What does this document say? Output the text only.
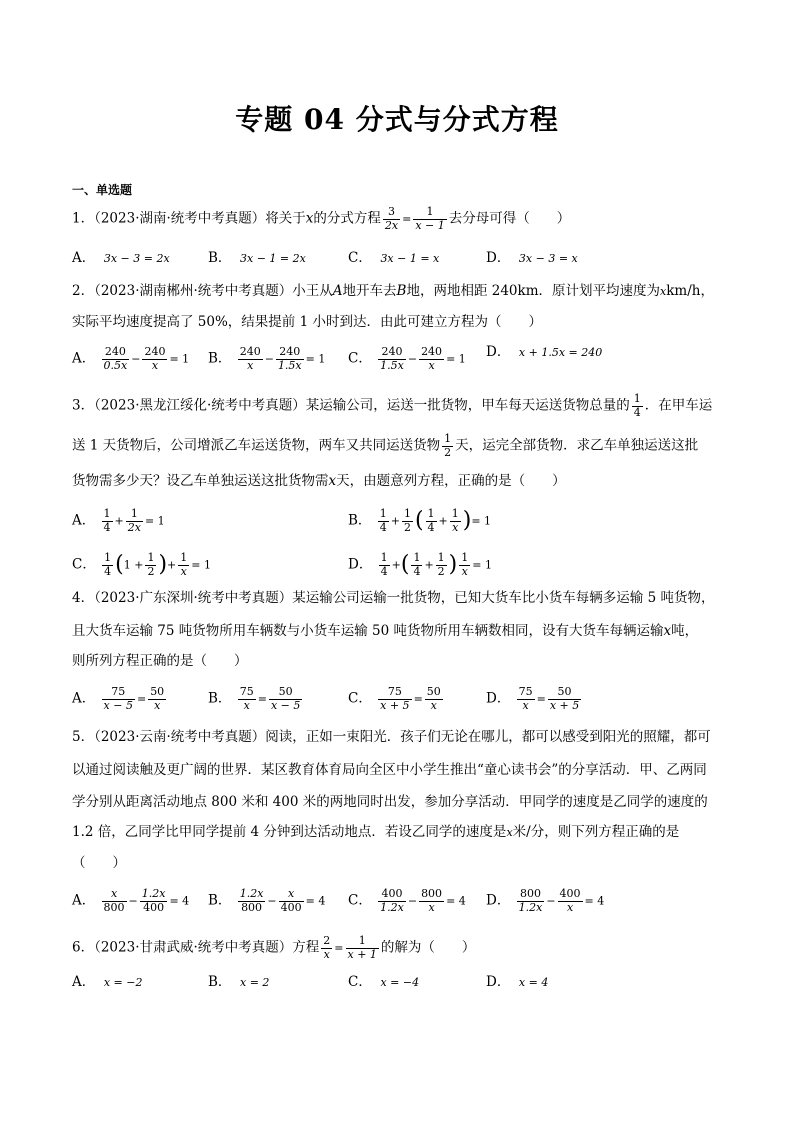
专题 04 分式与分式方程
一、单选题
1．（2023·湖南·统考中考真题）将关于x的分式方程 $\frac{3}{2x} = \frac{1}{x - 1}$ 去分母可得（　　）
A． 3x − 3 = 2x	B． 3x − 1 = 2x	C． 3x − 1 = x	D． 3x − 3 = x
2．（2023·湖南郴州·统考中考真题）小王从A地开车去B地，两地相距 240km．原计划平均速度为xkm/h，
实际平均速度提高了 50%，结果提前 1 小时到达．由此可建立方程为（　　）
A． $\frac{240}{0.5x} - \frac{240}{x} = 1$ B． $\frac{240}{x} - \frac{240}{1.5x} = 1$ C． $\frac{240}{1.5x} - \frac{240}{x} = 1$ D． x + 1.5x = 240
3．（2023·黑龙江绥化·统考中考真题）某运输公司，运送一批货物，甲车每天运送货物总量的 $\frac{1}{4}$ ．在甲车运
送 1 天货物后，公司增派乙车运送货物，两车又共同运送货物 $\frac{1}{2}$ 天，运完全部货物．求乙车单独运送这批
货物需多少天？设乙车单独运送这批货物需x天，由题意列方程，正确的是（　　）
A． $\frac{1}{4} + \frac{1}{2x} = 1$	B． $\frac{1}{4} + \frac{1}{2}$ ( $\frac{1}{4} + \frac{1}{x}$ )= 1
C． $\frac{1}{4} (1 + \frac{1}{2}$ )+ $\frac{1}{x} = 1$	D． $\frac{1}{4}$ +( $\frac{1}{4} + \frac{1}{2}$ ) $\frac{1}{x} = 1$
4．（2023·广东深圳·统考中考真题）某运输公司运输一批货物，已知大货车比小货车每辆多运输 5 吨货物，
且大货车运输 75 吨货物所用车辆数与小货车运输 50 吨货物所用车辆数相同，设有大货车每辆运输x吨，
则所列方程正确的是（　　）
A． $\frac{75}{x - 5} = \frac{50}{x}$	B． $\frac{75}{x} = \frac{50}{x - 5}$	C． $\frac{75}{x + 5} = \frac{50}{x}$	D． $\frac{75}{x} = \frac{50}{x + 5}$
5．（2023·云南·统考中考真题）阅读，正如一束阳光．孩子们无论在哪儿，都可以感受到阳光的照耀，都可
以通过阅读触及更广阔的世界．某区教育体育局向全区中小学生推出“童心读书会”的分享活动．甲、乙两同
学分别从距离活动地点 800 米和 400 米的两地同时出发，参加分享活动．甲同学的速度是乙同学的速度的
1.2 倍，乙同学比甲同学提前 4 分钟到达活动地点．若设乙同学的速度是x米/分，则下列方程正确的是
（　　）
A． $\frac{x}{800} - \frac{1.2x}{400} = 4$ B． $\frac{1.2x}{800} - \frac{x}{400} = 4$ C． $\frac{400}{1.2x} - \frac{800}{x} = 4$ D． $\frac{800}{1.2x} - \frac{400}{x} = 4$
6．（2023·甘肃武威·统考中考真题）方程 $\frac{2}{x} = \frac{1}{x + 1}$ 的解为（　　）
A． x = −2	B． x = 2	C． x = −4	D． x = 4
